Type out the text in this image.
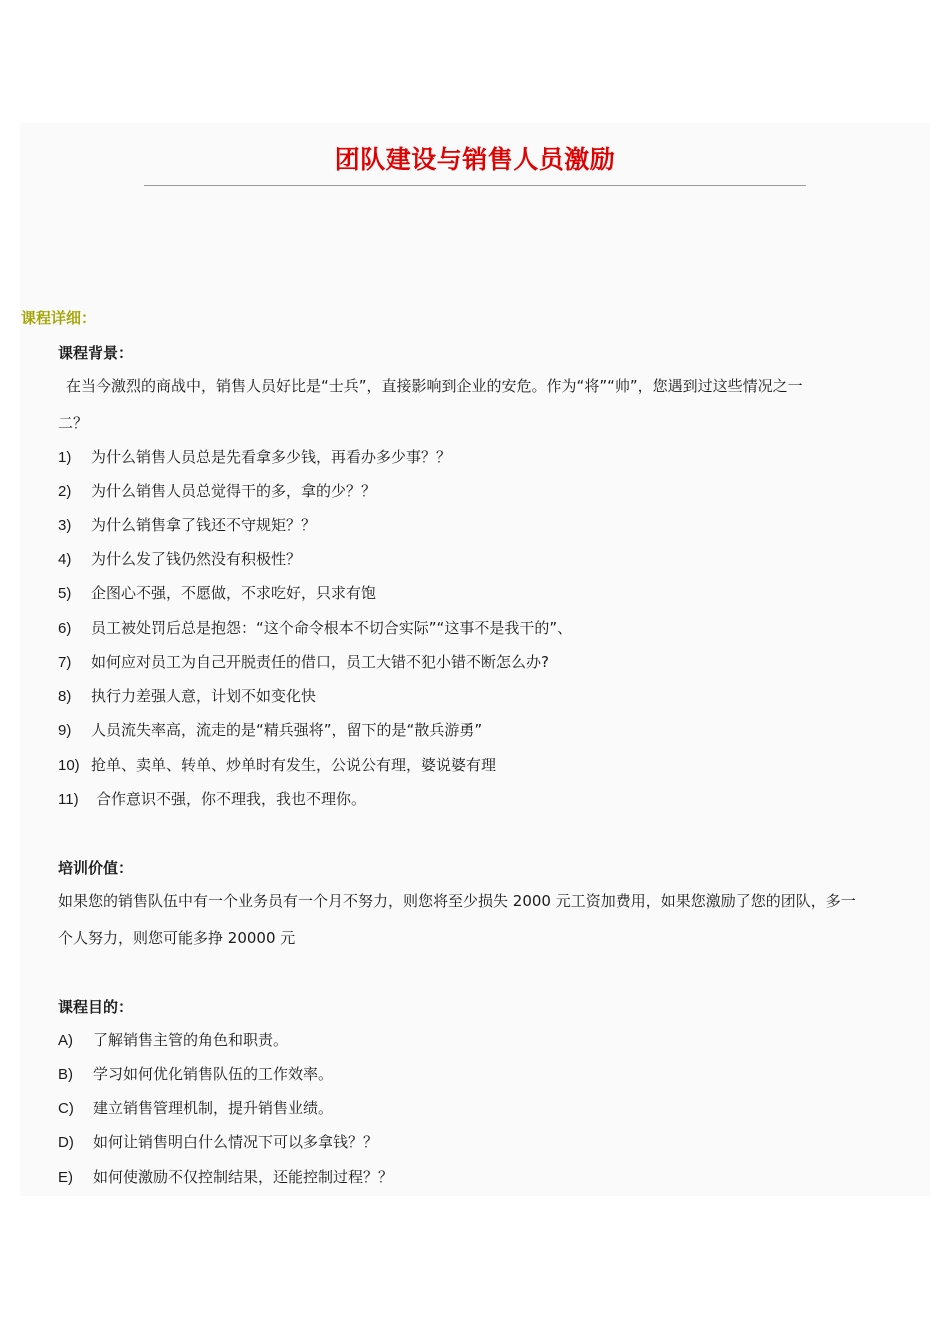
团队建设与销售人员激励
课程详细：
课程背景：
在当今激烈的商战中，销售人员好比是“士兵”，直接影响到企业的安危。作为“将”“帅”，您遇到过这些情况之一
二？
1) 为什么销售人员总是先看拿多少钱，再看办多少事？？
2) 为什么销售人员总觉得干的多，拿的少？？
3) 为什么销售拿了钱还不守规矩？？
4) 为什么发了钱仍然没有积极性？
5) 企图心不强，不愿做，不求吃好，只求有饱
6) 员工被处罚后总是抱怨：“这个命令根本不切合实际”“这事不是我干的”、
7) 如何应对员工为自己开脱责任的借口，员工大错不犯小错不断怎么办?
8) 执行力差强人意，计划不如变化快
9) 人员流失率高，流走的是“精兵强将”，留下的是“散兵游勇”
10) 抢单、卖单、转单、炒单时有发生，公说公有理，婆说婆有理
11) 合作意识不强，你不理我，我也不理你。
培训价值：
如果您的销售队伍中有一个业务员有一个月不努力，则您将至少损失 2000 元工资加费用，如果您激励了您的团队，多一
个人努力，则您可能多挣 20000 元
课程目的：
A) 了解销售主管的角色和职责。
B) 学习如何优化销售队伍的工作效率。
C) 建立销售管理机制，提升销售业绩。
D) 如何让销售明白什么情况下可以多拿钱？？
E) 如何使激励不仅控制结果，还能控制过程？？
